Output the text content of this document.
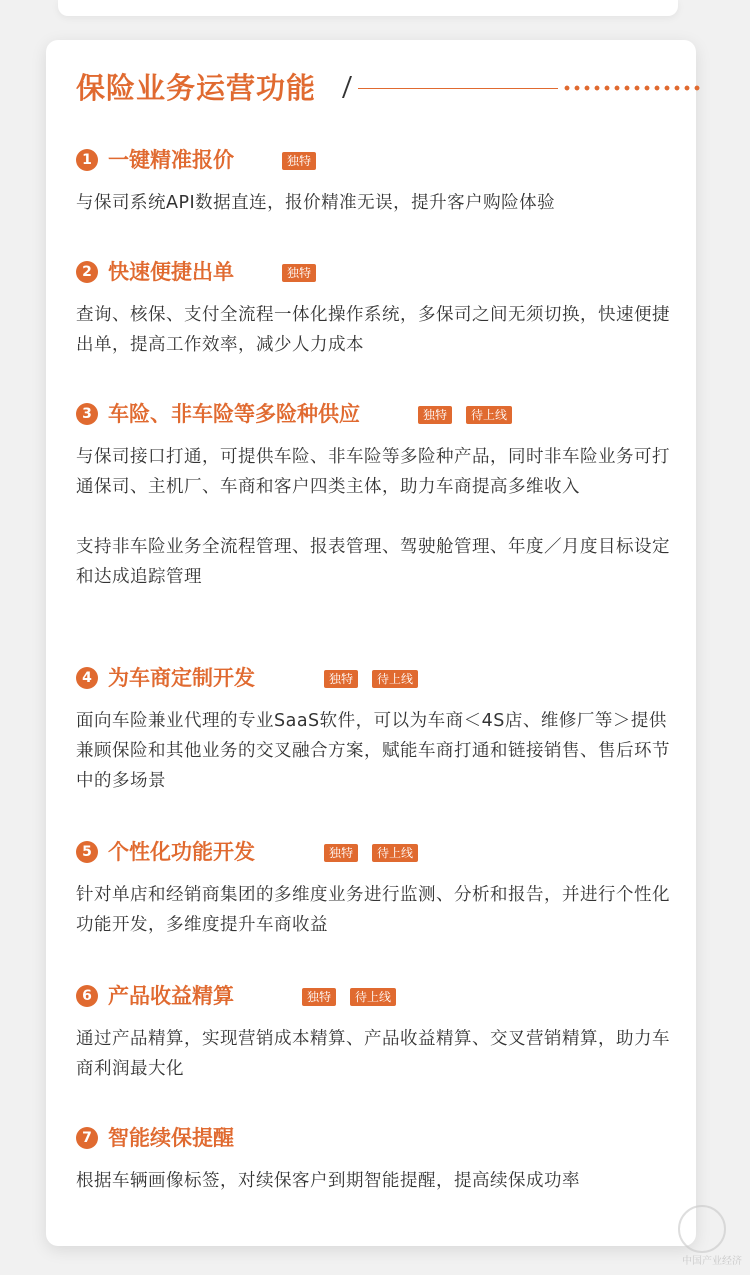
保险业务运营功能
1 一键精准报价	独特

与保司系统API数据直连，报价精准无误，提升客户购险体验

2 快速便捷出单	独特

查询、核保、支付全流程一体化操作系统，多保司之间无须切换，快速便捷出单，提高工作效率，减少人力成本

3 车险、非车险等多险种供应	独特	待上线

与保司接口打通，可提供车险、非车险等多险种产品，同时非车险业务可打通保司、主机厂、车商和客户四类主体，助力车商提高多维收入

支持非车险业务全流程管理、报表管理、驾驶舱管理、年度／月度目标设定和达成追踪管理

4 为车商定制开发	独特	待上线

面向车险兼业代理的专业SaaS软件，可以为车商＜4S店、维修厂等＞提供兼顾保险和其他业务的交叉融合方案，赋能车商打通和链接销售、售后环节中的多场景

5 个性化功能开发	独特	待上线

针对单店和经销商集团的多维度业务进行监测、分析和报告，并进行个性化功能开发，多维度提升车商收益

6 产品收益精算	独特	待上线

通过产品精算，实现营销成本精算、产品收益精算、交叉营销精算，助力车商利润最大化

7 智能续保提醒

根据车辆画像标签，对续保客户到期智能提醒，提高续保成功率

中国产业经济
